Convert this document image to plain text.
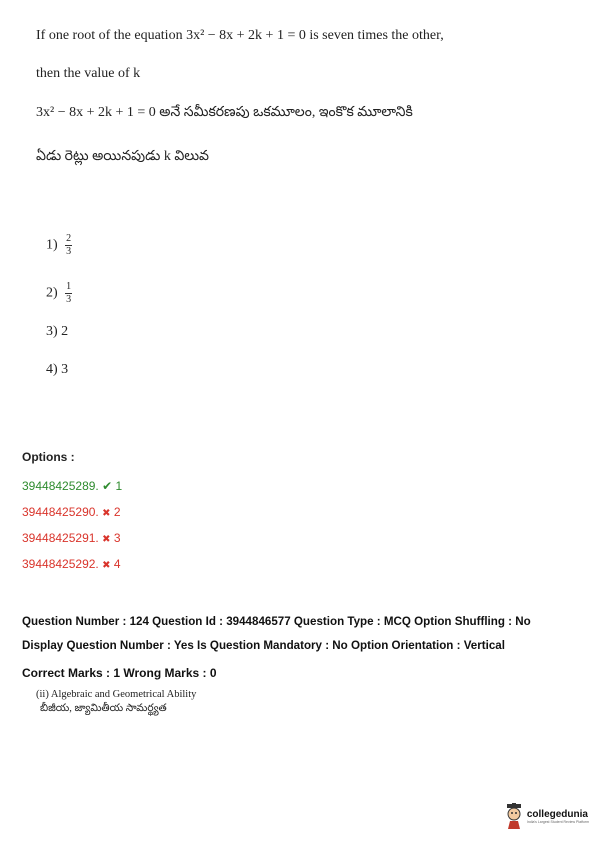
If one root of the equation 3x² − 8x + 2k + 1 = 0 is seven times the other,
then the value of k
3x² − 8x + 2k + 1 = 0 అనే సమీకరణపు ఒకమూలం, ఇంకొక మూలానికి
ఏడు రెట్లు అయినపుడు k విలువ
$1) \frac{2}{3}$
$2) \frac{1}{3}$
3) 2
4) 3
Options :
39448425289. ✔ 1
39448425290. ✖ 2
39448425291. ✖ 3
39448425292. ✖ 4
Question Number : 124 Question Id : 3944846577 Question Type : MCQ Option Shuffling : No
Display Question Number : Yes Is Question Mandatory : No Option Orientation : Vertical
Correct Marks : 1 Wrong Marks : 0
(ii) Algebraic and Geometrical Ability
బీజీయ, జ్యామితీయ సామర్థ్యత
collegedunia
India's Largest Student Review Platform
